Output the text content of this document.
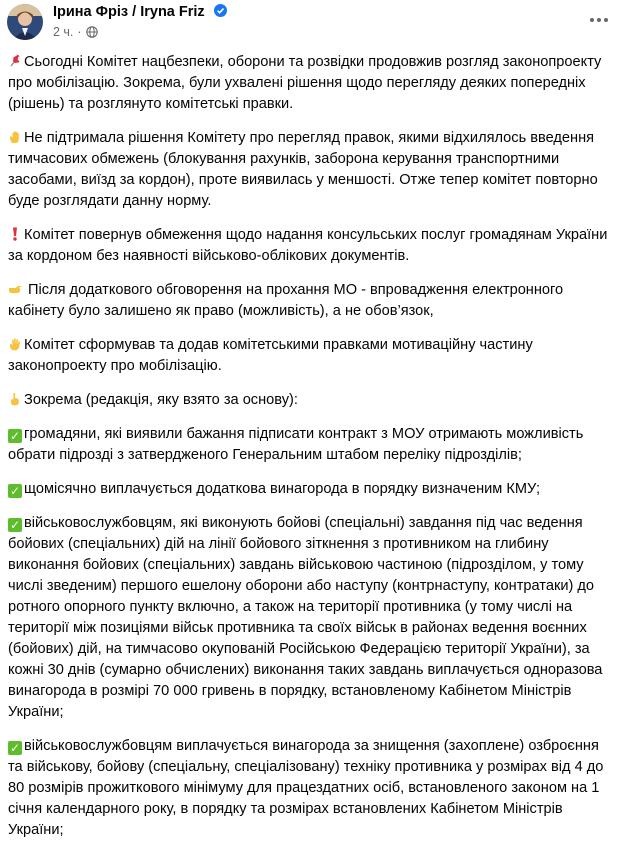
Ірина Фріз / Iryna Friz
2 ч. ·

Сьогодні Комітет нацбезпеки, оборони та розвідки продовжив розгляд законопроекту про мобілізацію. Зокрема, були ухвалені рішення щодо перегляду деяких попередніх (рішень) та розглянуто комітетські правки.

Не підтримала рішення Комітету про перегляд правок, якими відхилялось введення тимчасових обмежень (блокування рахунків, заборона керування транспортними засобами, виїзд за кордон), проте виявилась у меншості. Отже тепер комітет повторно буде розглядати данну норму.

Комітет повернув обмеження щодо надання консульських послуг громадянам України за кордоном без наявності військово-облікових документів.

Після додаткового обговорення на прохання МО - впровадження електронного кабінету було залишено як право (можливість), а не обов’язок,

Комітет сформував та додав комітетськими правками мотиваційну частину законопроекту про мобілізацію.

Зокрема (редакція, яку взято за основу):

✓ громадяни, які виявили бажання підписати контракт з МОУ отримають можливість обрати підрозді з затвердженого Генеральним штабом переліку підрозділів;

✓ щомісячно виплачується додаткова винагорода в порядку визначеним КМУ;

✓ військовослужбовцям, які виконують бойові (спеціальні) завдання під час ведення бойових (спеціальних) дій на лінії бойового зіткнення з противником на глибину виконання бойових (спеціальних) завдань військовою частиною (підрозділом, у тому числі зведеним) першого ешелону оборони або наступу (контрнаступу, контратаки) до ротного опорного пункту включно, а також на території противника (у тому числі на території між позиціями військ противника та своїх військ в районах ведення воєнних (бойових) дій, на тимчасово окупованій Російською Федерацією території України), за кожні 30 днів (сумарно обчислених) виконання таких завдань виплачується одноразова винагорода в розмірі 70 000 гривень в порядку, встановленому Кабінетом Міністрів України;

✓ військовослужбовцям виплачується винагорода за знищення (захоплене) озброєння та військову, бойову (спеціальну, спеціалізовану) техніку противника у розмірах від 4 до 80 розмірів прожиткового мінімуму для працездатних осіб, встановленого законом на 1 січня календарного року, в порядку та розмірах встановлених Кабінетом Міністрів України;
